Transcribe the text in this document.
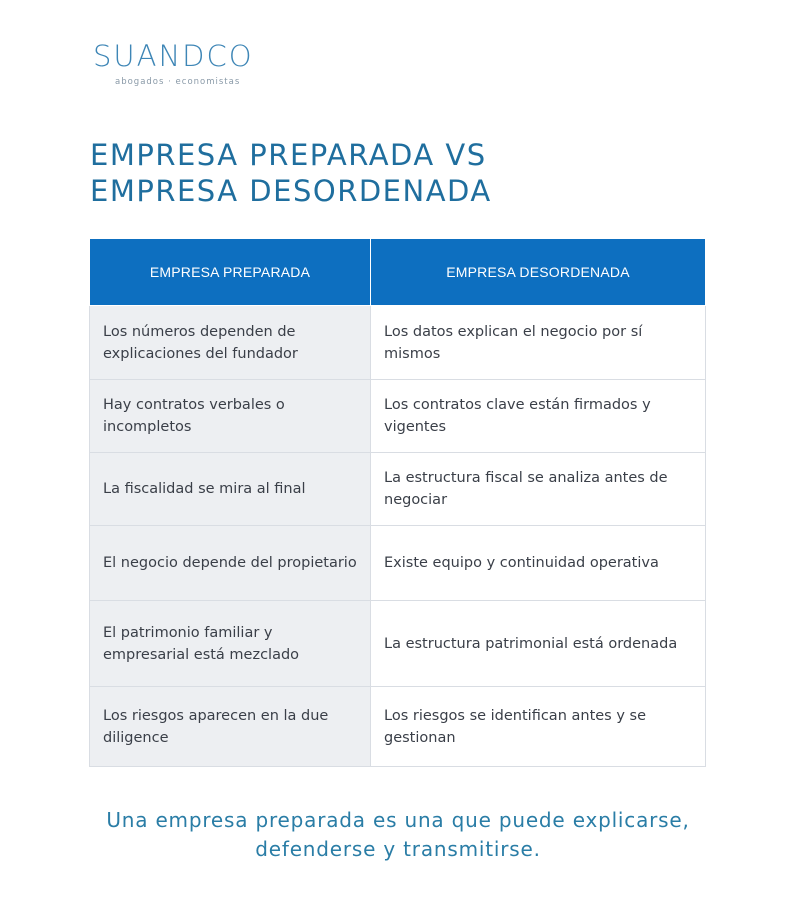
SUANDCO
abogados · economistas
EMPRESA PREPARADA VS
EMPRESA DESORDENADA
EMPRESA PREPARADA	EMPRESA DESORDENADA
Los números dependen de explicaciones del fundador	Los datos explican el negocio por sí mismos
Hay contratos verbales o incompletos	Los contratos clave están firmados y vigentes
La fiscalidad se mira al final	La estructura fiscal se analiza antes de negociar
El negocio depende del propietario	Existe equipo y continuidad operativa
El patrimonio familiar y empresarial está mezclado	La estructura patrimonial está ordenada
Los riesgos aparecen en la due diligence	Los riesgos se identifican antes y se gestionan

Una empresa preparada es una que puede explicarse,
defenderse y transmitirse.
